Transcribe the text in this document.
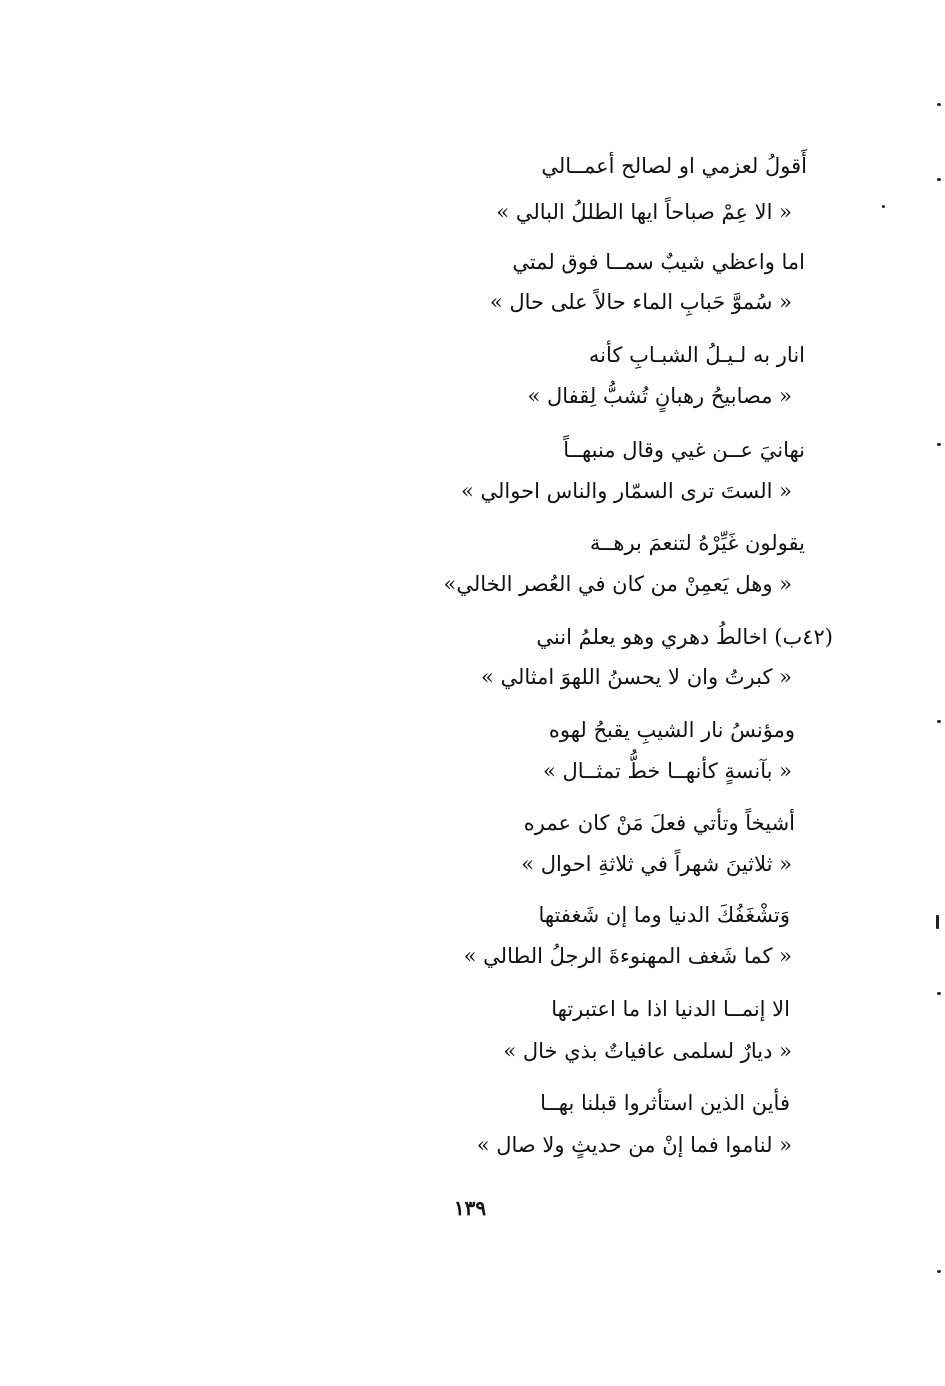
أَقولُ لعزمي او لصالح أعمــالي
« الا عِمْ صباحاً ايها الطللُ البالي »
اما واعظي شيبٌ سمــا فوق لمتي
« سُموَّ حَبابِ الماء حالاً على حال »
انار به لـيـلُ الشبـابِ كأنه
« مصابيحُ رهبانٍ تُشبُّ لِقفال »
نهانيَ عــن غيي وقال منبهــاً
« الستَ ترى السمّار والناس احوالي »
يقولون غَيِّرْهُ لتنعمَ برهــة
« وهل يَعمِنْ من كان في العُصر الخالي»
(٤٢ب) اخالطُ دهري وهو يعلمُ انني
« كبرتُ وان لا يحسنُ اللهوَ امثالي »
ومؤنسُ نار الشيبِ يقبحُ لهوه
« بآنسةٍ كأنهــا خطُّ تمثــال »
أشيخاً وتأتي فعلَ مَنْ كان عمره
« ثلاثينَ شهراً في ثلاثةِ احوال »
وَتشْغَفُكَ الدنيا وما إن شَغفتها
« كما شَغف المهنوءةَ الرجلُ الطالي »
الا إنمــا الدنيا اذا ما اعتبرتها
« ديارٌ لسلمى عافياتٌ بذي خال »
فأين الذين استأثروا قبلنا بهــا
« لناموا فما إنْ من حديثٍ ولا صال »
١٣٩
